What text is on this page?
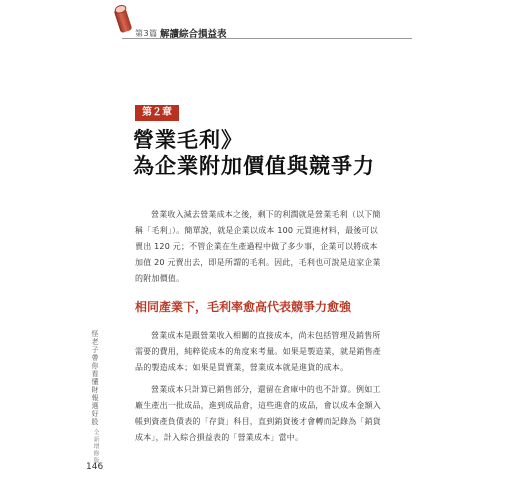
第3篇 解讀綜合損益表
第２章
營業毛利》
為企業附加價值與競爭力
營業收入減去營業成本之後，剩下的利潤就是營業毛利（以下簡稱「毛利」）。簡單說，就是企業以成本 100 元買進材料，最後可以賣出 120 元；不管企業在生產過程中做了多少事，企業可以將成本加值 20 元賣出去，即是所謂的毛利。因此，毛利也可說是這家企業的附加價值。
相同產業下，毛利率愈高代表競爭力愈強
營業成本是跟營業收入相關的直接成本，尚未包括管理及銷售所需要的費用，純粹從成本的角度來考量。如果是製造業，就是銷售產品的製造成本；如果是買賣業，營業成本就是進貨的成本。
營業成本只計算已銷售部分，還留在倉庫中的也不計算。例如工廠生產出一批成品，進到成品倉，這些進倉的成品，會以成本金額入帳到資產負債表的「存貨」科目，直到銷貨後才會轉而記錄為「銷貨成本」，計入綜合損益表的「營業成本」當中。
怪老子帶你看懂財報選好股 全新增修版
146
